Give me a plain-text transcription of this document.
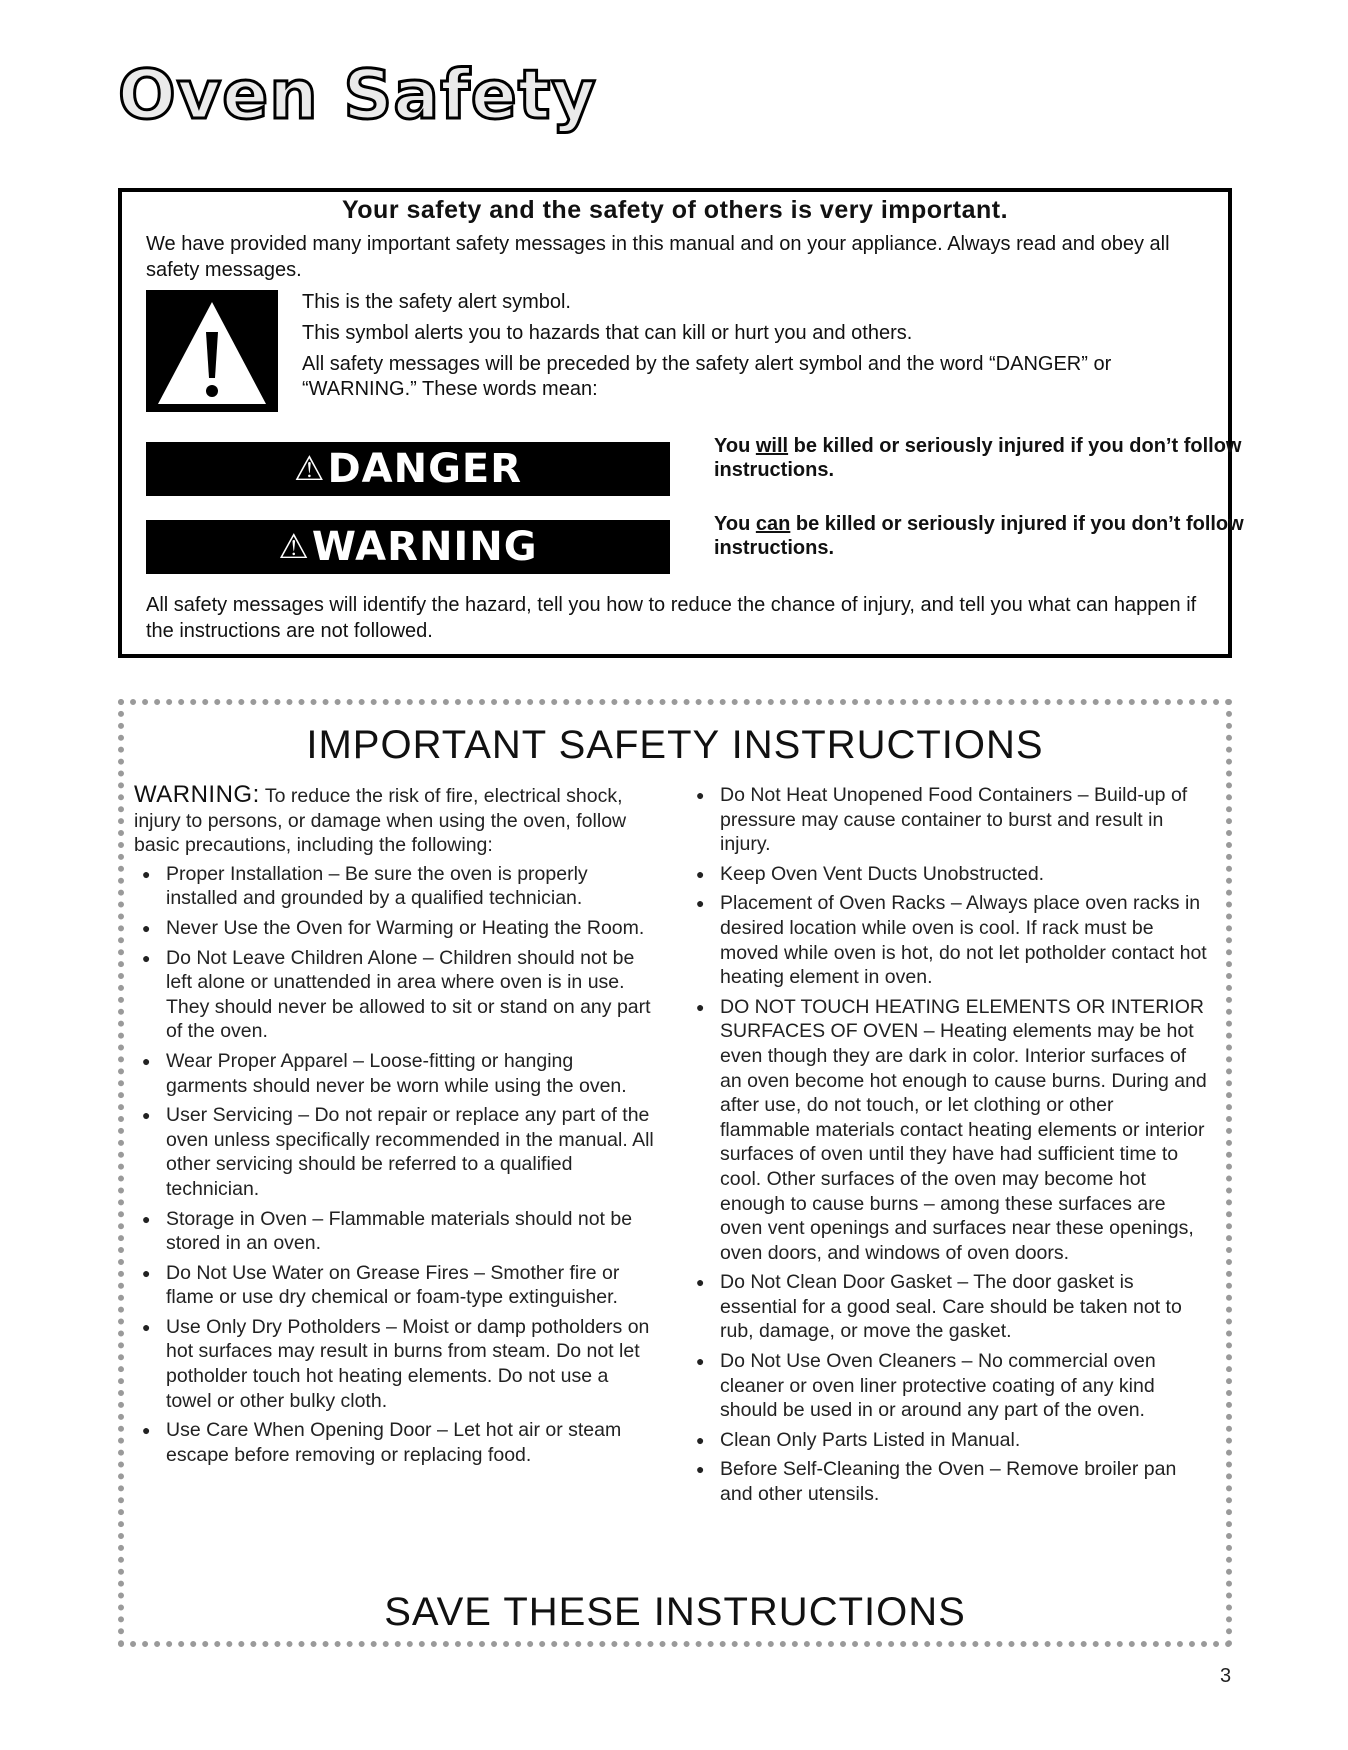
Oven Safety
Your safety and the safety of others is very important.

We have provided many important safety messages in this manual and on your appliance. Always read and obey all safety messages.

This is the safety alert symbol.

This symbol alerts you to hazards that can kill or hurt you and others.

All safety messages will be preceded by the safety alert symbol and the word “DANGER” or “WARNING.” These words mean:

⚠ DANGER	You will be killed or seriously injured if you don’t follow instructions.

⚠ WARNING	You can be killed or seriously injured if you don’t follow instructions.

All safety messages will identify the hazard, tell you how to reduce the chance of injury, and tell you what can happen if the instructions are not followed.

IMPORTANT SAFETY INSTRUCTIONS

WARNING: To reduce the risk of fire, electrical shock, injury to persons, or damage when using the oven, follow basic precautions, including the following:

● Proper Installation – Be sure the oven is properly installed and grounded by a qualified technician.
● Never Use the Oven for Warming or Heating the Room.
● Do Not Leave Children Alone – Children should not be left alone or unattended in area where oven is in use. They should never be allowed to sit or stand on any part of the oven.
● Wear Proper Apparel – Loose-fitting or hanging garments should never be worn while using the oven.
● User Servicing – Do not repair or replace any part of the oven unless specifically recommended in the manual. All other servicing should be referred to a qualified technician.
● Storage in Oven – Flammable materials should not be stored in an oven.
● Do Not Use Water on Grease Fires – Smother fire or flame or use dry chemical or foam-type extinguisher.
● Use Only Dry Potholders – Moist or damp potholders on hot surfaces may result in burns from steam. Do not let potholder touch hot heating elements. Do not use a towel or other bulky cloth.
● Use Care When Opening Door – Let hot air or steam escape before removing or replacing food.
● Do Not Heat Unopened Food Containers – Build-up of pressure may cause container to burst and result in injury.
● Keep Oven Vent Ducts Unobstructed.
● Placement of Oven Racks – Always place oven racks in desired location while oven is cool. If rack must be moved while oven is hot, do not let potholder contact hot heating element in oven.
● DO NOT TOUCH HEATING ELEMENTS OR INTERIOR SURFACES OF OVEN – Heating elements may be hot even though they are dark in color. Interior surfaces of an oven become hot enough to cause burns. During and after use, do not touch, or let clothing or other flammable materials contact heating elements or interior surfaces of oven until they have had sufficient time to cool. Other surfaces of the oven may become hot enough to cause burns – among these surfaces are oven vent openings and surfaces near these openings, oven doors, and windows of oven doors.
● Do Not Clean Door Gasket – The door gasket is essential for a good seal. Care should be taken not to rub, damage, or move the gasket.
● Do Not Use Oven Cleaners – No commercial oven cleaner or oven liner protective coating of any kind should be used in or around any part of the oven.
● Clean Only Parts Listed in Manual.
● Before Self-Cleaning the Oven – Remove broiler pan and other utensils.
SAVE THESE INSTRUCTIONS
3
